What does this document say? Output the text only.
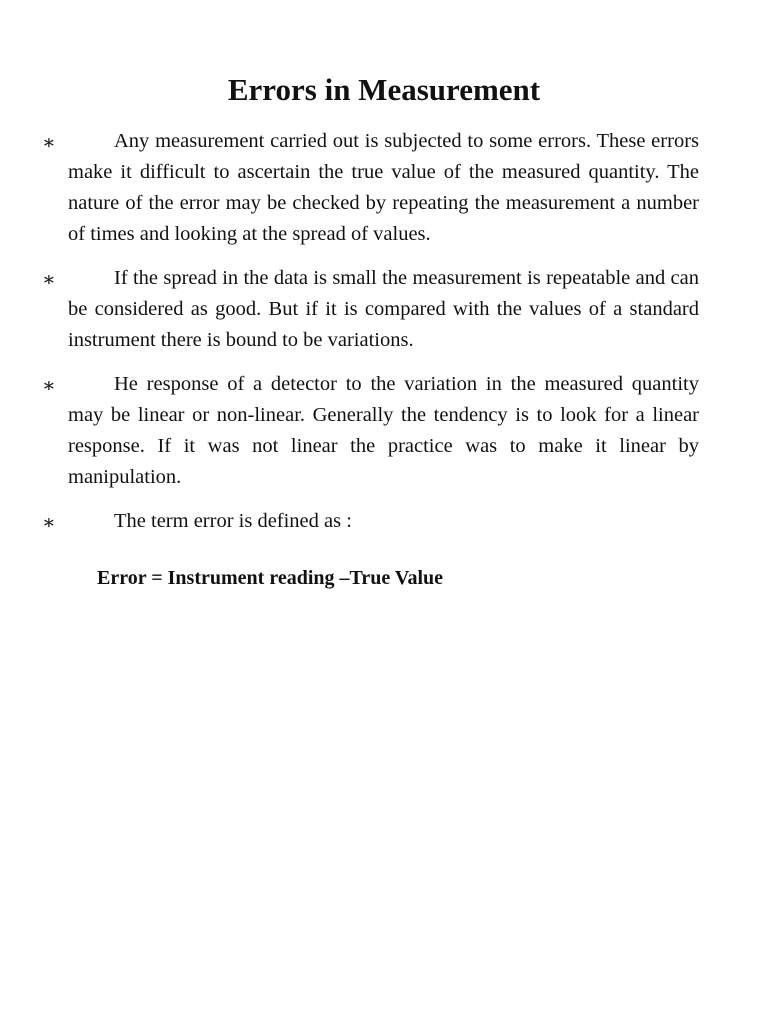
Errors in Measurement
∗	Any measurement carried out is subjected to some errors. These errors make it difficult to ascertain the true value of the measured quantity. The nature of the error may be checked by repeating the measurement a number of times and looking at the spread of values.
∗	If the spread in the data is small the measurement is repeatable and can be considered as good. But if it is compared with the values of a standard instrument there is bound to be variations.
∗	He response of a detector to the variation in the measured quantity may be linear or non-linear. Generally the tendency is to look for a linear response. If it was not linear the practice was to make it linear by manipulation.
∗	The term error is defined as :
Error = Instrument reading –True Value
